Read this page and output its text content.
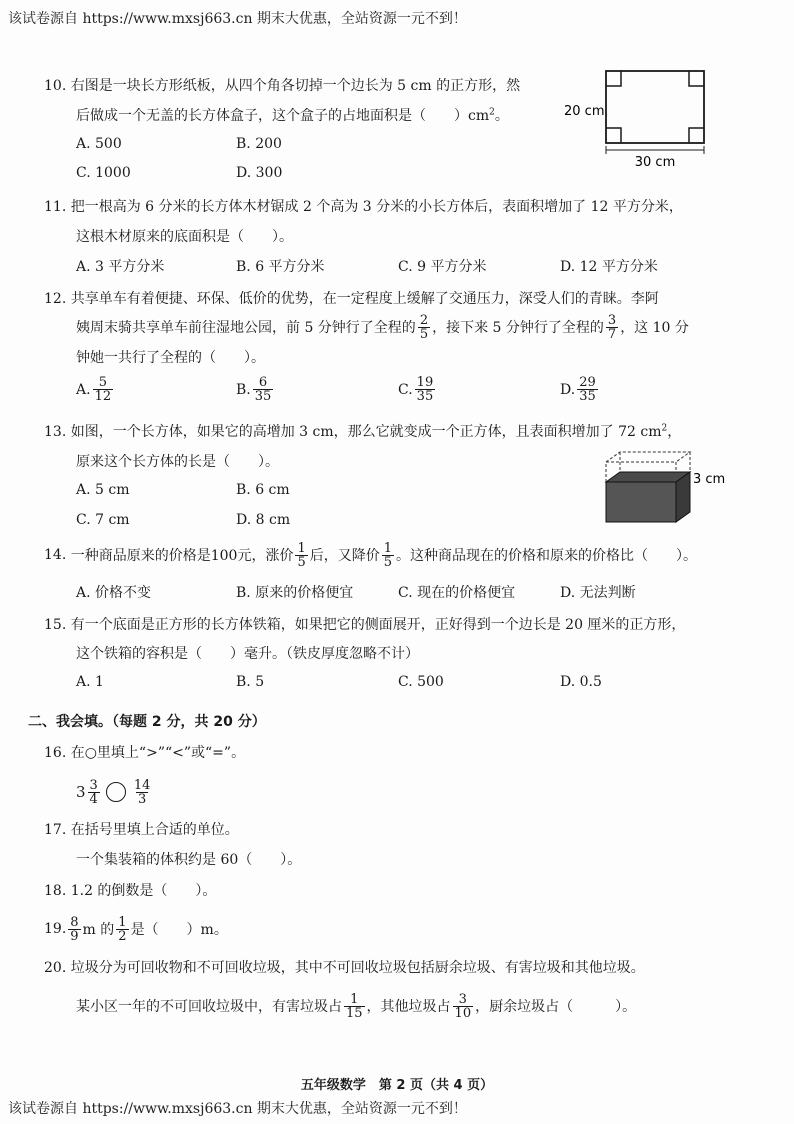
该试卷源自 https://www.mxsj663.cn 期末大优惠，全站资源一元不到！
10. 右图是一块长方形纸板，从四个角各切掉一个边长为 5 cm 的正方形，然
后做成一个无盖的长方体盒子，这个盒子的占地面积是（　　）$cm^2$。
A. 500	B. 200
C. 1000	D. 300
30 cm
20 cm
11. 把一根高为 6 分米的长方体木材锯成 2 个高为 3 分米的小长方体后，表面积增加了 12 平方分米，
这根木材原来的底面积是（　　）。
A. 3 平方分米	B. 6 平方分米	C. 9 平方分米	D. 12 平方分米
12. 共享单车有着便捷、环保、低价的优势，在一定程度上缓解了交通压力，深受人们的青睐。李阿
姨周末骑共享单车前往湿地公园，前 5 分钟行了全程的 $\frac{2}{5}$ ，接下来 5 分钟行了全程的 $\frac{3}{7}$ ，这 10 分
钟她一共行了全程的（　　）。
A. $\frac{5}{12}$	B. $\frac{6}{35}$	C. $\frac{19}{35}$	D. $\frac{29}{35}$
13. 如图，一个长方体，如果它的高增加 3 cm，那么它就变成一个正方体，且表面积增加了 72 $cm^2$，
原来这个长方体的长是（　　）。
A. 5 cm	B. 6 cm
C. 7 cm	D. 8 cm
3 cm
14.
一种商品原来的价格是100元，涨价 $\frac{1}{5}$ 后，又降价 $\frac{1}{5}$ 。这种商品现在的价格和原来的价格比（　　）。
A. 价格不变	B. 原来的价格便宜	C. 现在的价格便宜	D. 无法判断
15. 有一个底面是正方形的长方体铁箱，如果把它的侧面展开，正好得到一个边长是 20 厘米的正方形，
这个铁箱的容积是（　　）毫升。（铁皮厚度忽略不计）
A. 1	B. 5	C. 500	D. 0.5
二、我会填。（每题 2 分，共 20 分）
16. 在○里填上“>”“<”或“=”。
$3 \frac{3}{4} \frac{14}{3}$
17. 在括号里填上合适的单位。
一个集装箱的体积约是 60（　　）。
18. 1.2 的倒数是（　　）。
19. $\frac{8}{9}$ m 的 $\frac{1}{2}$ 是（　　）m。
20. 垃圾分为可回收物和不可回收垃圾，其中不可回收垃圾包括厨余垃圾、有害垃圾和其他垃圾。
某小区一年的不可回收垃圾中，有害垃圾占 $\frac{1}{15}$ ，其他垃圾占 $\frac{3}{10}$ ，厨余垃圾占（　　　）。
五年级数学　第 2 页（共 4 页）
该试卷源自 https://www.mxsj663.cn 期末大优惠，全站资源一元不到！
